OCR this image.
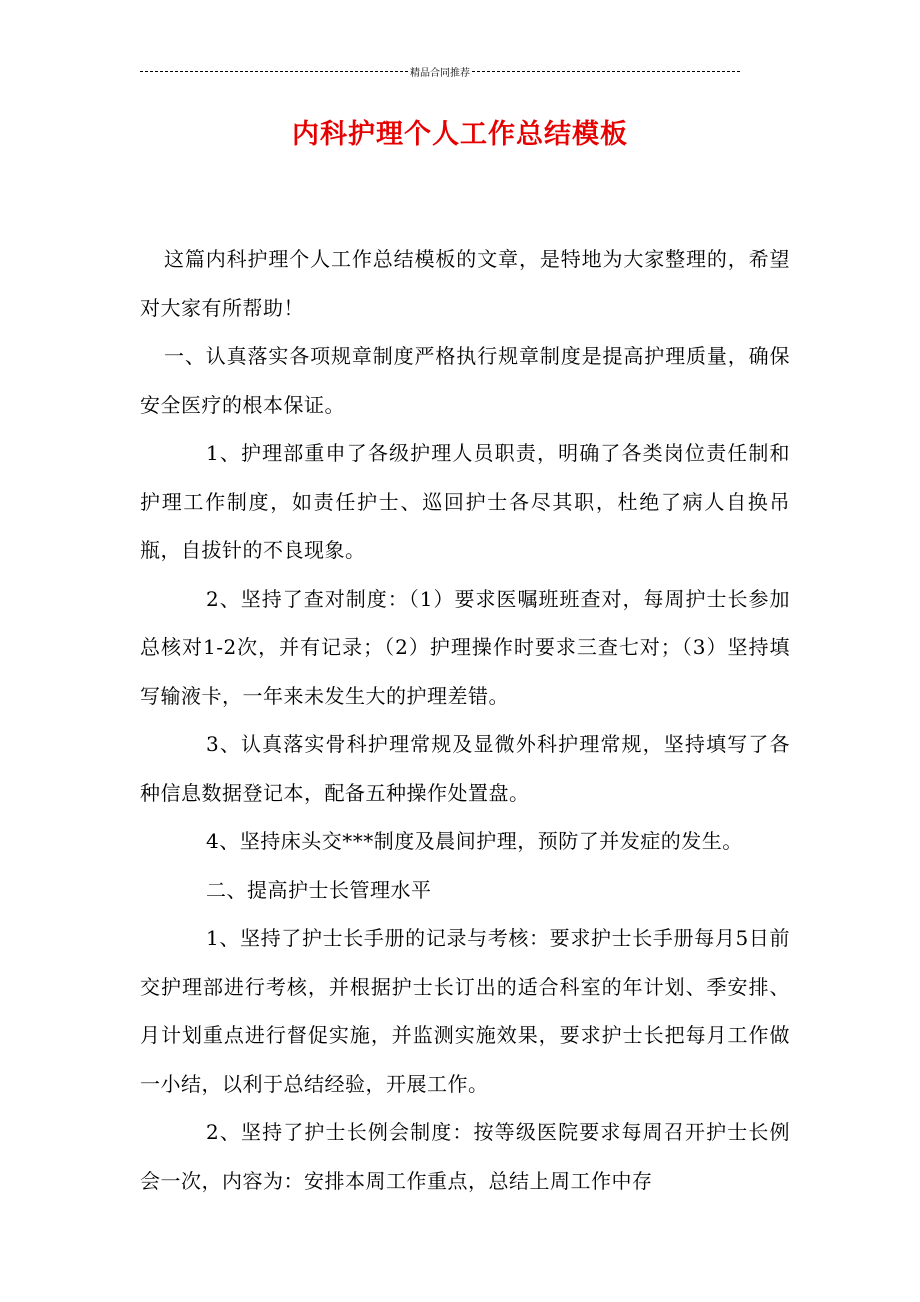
精品合同推荐
内科护理个人工作总结模板

这篇内科护理个人工作总结模板的文章，是特地为大家整理的，希望对大家有所帮助！

一、认真落实各项规章制度严格执行规章制度是提高护理质量，确保安全医疗的根本保证。

1、护理部重申了各级护理人员职责，明确了各类岗位责任制和护理工作制度，如责任护士、巡回护士各尽其职，杜绝了病人自换吊瓶，自拔针的不良现象。

2、坚持了查对制度：（1）要求医嘱班班查对，每周护士长参加总核对1-2次，并有记录；（2）护理操作时要求三查七对；（3）坚持填写输液卡，一年来未发生大的护理差错。

3、认真落实骨科护理常规及显微外科护理常规，坚持填写了各种信息数据登记本，配备五种操作处置盘。

4、坚持床头交***制度及晨间护理，预防了并发症的发生。

二、提高护士长管理水平

1、坚持了护士长手册的记录与考核：要求护士长手册每月5日前交护理部进行考核，并根据护士长订出的适合科室的年计划、季安排、月计划重点进行督促实施，并监测实施效果，要求护士长把每月工作做一小结，以利于总结经验，开展工作。

2、坚持了护士长例会制度：按等级医院要求每周召开护士长例会一次，内容为：安排本周工作重点，总结上周工作中存
